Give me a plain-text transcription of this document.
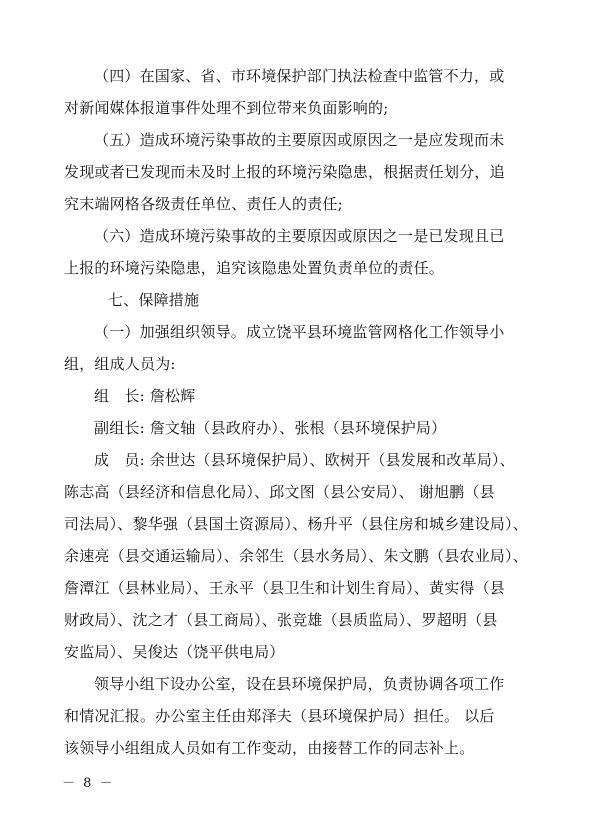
（四）在国家、省、市环境保护部门执法检查中监管不力，或
对新闻媒体报道事件处理不到位带来负面影响的;
（五）造成环境污染事故的主要原因或原因之一是应发现而未
发现或者已发现而未及时上报的环境污染隐患，根据责任划分，追
究末端网格各级责任单位、责任人的责任;
（六）造成环境污染事故的主要原因或原因之一是已发现且已
上报的环境污染隐患，追究该隐患处置负责单位的责任。
七、保障措施
（一）加强组织领导。成立饶平县环境监管网格化工作领导小
组，组成人员为:
组　长: 詹松辉
副组长: 詹文轴（县政府办）、张根（县环境保护局）
成　员: 余世达（县环境保护局）、欧树开（县发展和改革局）、
陈志高（县经济和信息化局）、邱文图（县公安局）、 谢旭鹏（县
司法局）、黎华强（县国土资源局）、杨升平（县住房和城乡建设局）、
余速亮（县交通运输局）、余邻生（县水务局）、朱文鹏（县农业局）、
詹潭江（县林业局）、王永平（县卫生和计划生育局）、黄实得（县
财政局）、沈之才（县工商局）、张竞雄（县质监局）、罗超明（县
安监局）、吴俊达（饶平供电局）
领导小组下设办公室，设在县环境保护局，负责协调各项工作
和情况汇报。办公室主任由郑泽夫（县环境保护局）担任。 以后
该领导小组组成人员如有工作变动，由接替工作的同志补上。
－ 8 －
